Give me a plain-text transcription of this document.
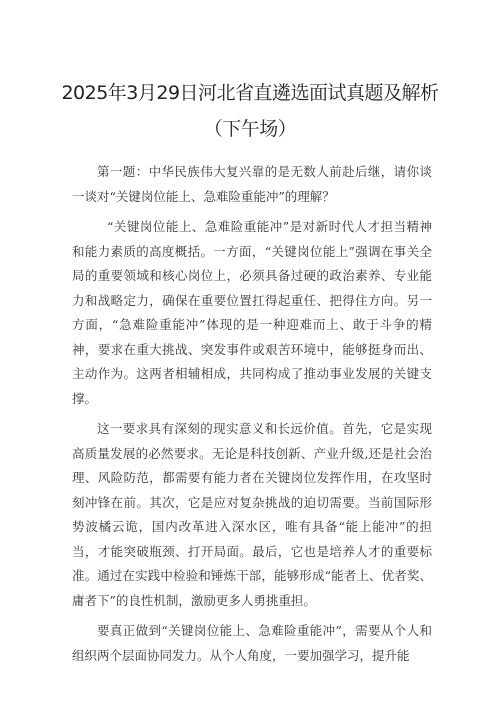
2025年3月29日河北省直遴选面试真题及解析
（下午场）

第一题：中华民族伟大复兴靠的是无数人前赴后继，请你谈一谈对“关键岗位能上、急难险重能冲”的理解？

“关键岗位能上、急难险重能冲”是对新时代人才担当精神和能力素质的高度概括。一方面，“关键岗位能上”强调在事关全局的重要领域和核心岗位上，必须具备过硬的政治素养、专业能力和战略定力，确保在重要位置扛得起重任、把得住方向。另一方面，“急难险重能冲”体现的是一种迎难而上、敢于斗争的精神，要求在重大挑战、突发事件或艰苦环境中，能够挺身而出、主动作为。这两者相辅相成，共同构成了推动事业发展的关键支撑。

这一要求具有深刻的现实意义和长远价值。首先，它是实现高质量发展的必然要求。无论是科技创新、产业升级,还是社会治理、风险防范，都需要有能力者在关键岗位发挥作用，在攻坚时刻冲锋在前。其次，它是应对复杂挑战的迫切需要。当前国际形势波橘云诡，国内改革进入深水区，唯有具备“能上能冲”的担当，才能突破瓶颈、打开局面。最后，它也是培养人才的重要标准。通过在实践中检验和锤炼干部，能够形成“能者上、优者奖、庸者下”的良性机制，激励更多人勇挑重担。

要真正做到“关键岗位能上、急难险重能冲”，需要从个人和组织两个层面协同发力。从个人角度，一要加强学习，提升能
